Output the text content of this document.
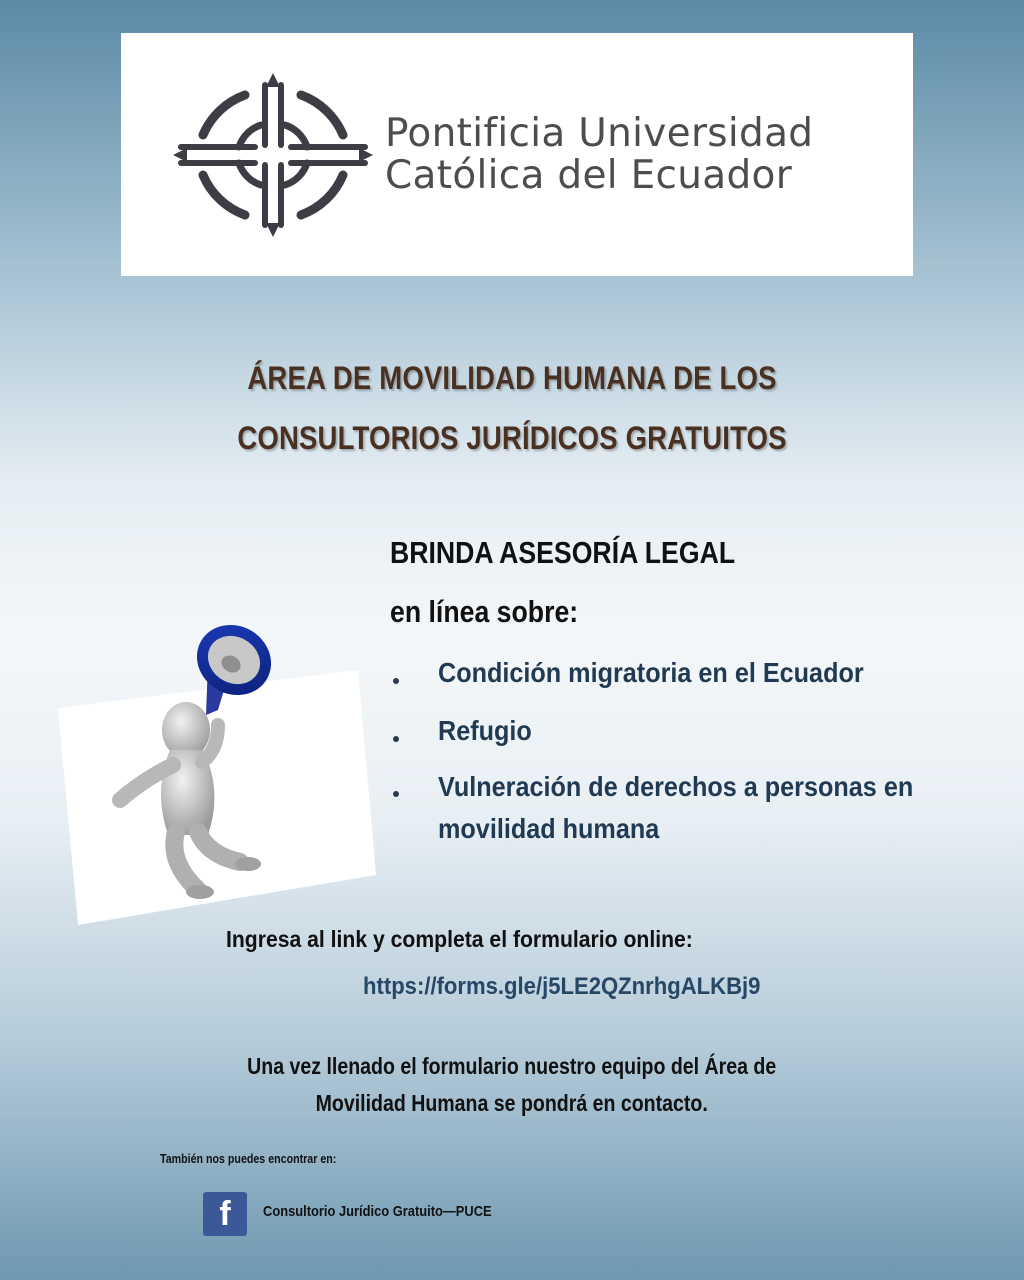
Pontificia Universidad
Católica del Ecuador
ÁREA DE MOVILIDAD HUMANA DE LOS
CONSULTORIOS JURÍDICOS GRATUITOS
BRINDA ASESORÍA LEGAL
en línea sobre:
Condición migratoria en el Ecuador
Refugio
Vulneración de derechos a personas en
movilidad humana
Ingresa al link y completa el formulario online:
https://forms.gle/j5LE2QZnrhgALKBj9
Una vez llenado el formulario nuestro equipo del Área de
Movilidad Humana se pondrá en contacto.
También nos puedes encontrar en:
f	Consultorio Jurídico Gratuito—PUCE
